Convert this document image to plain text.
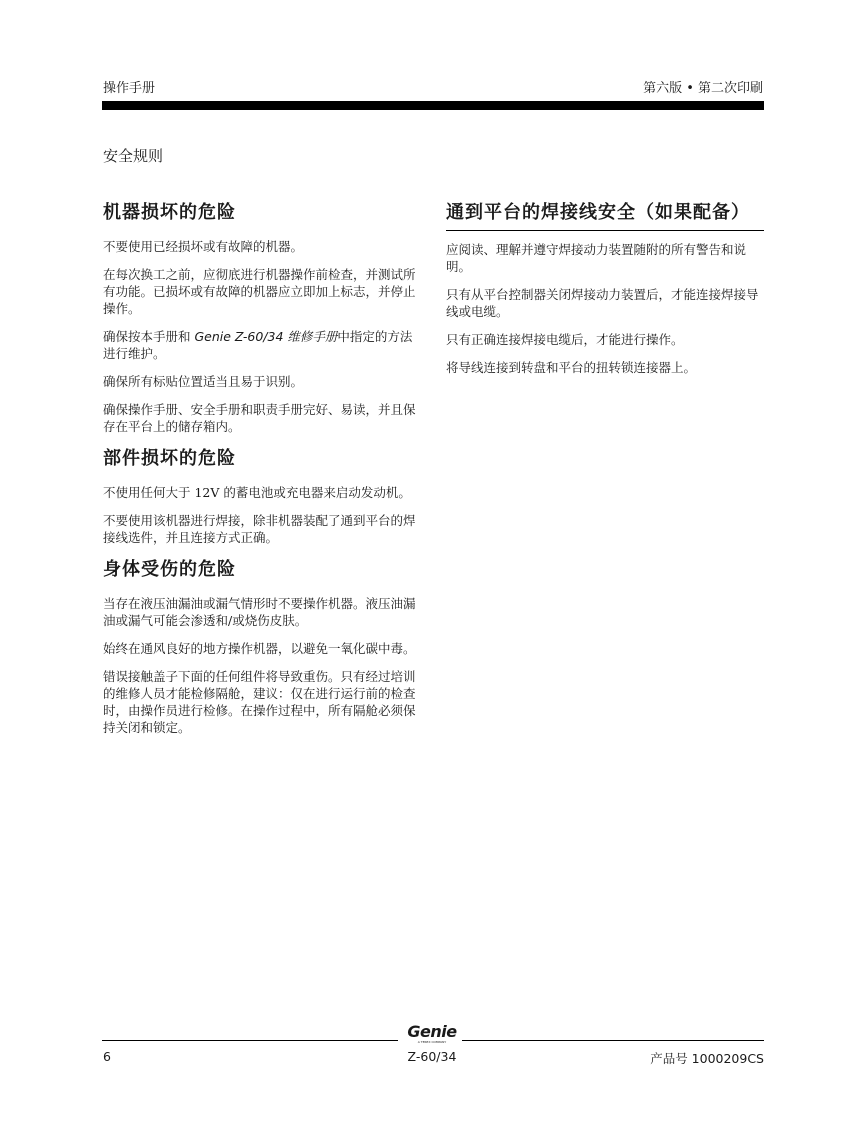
操作手册	第六版 • 第二次印刷
安全规则
机器损坏的危险

不要使用已经损坏或有故障的机器。

在每次换工之前，应彻底进行机器操作前检查，并测试所有功能。已损坏或有故障的机器应立即加上标志，并停止操作。

确保按本手册和 Genie Z-60/34 维修手册中指定的方法进行维护。

确保所有标贴位置适当且易于识别。

确保操作手册、安全手册和职责手册完好、易读，并且保存在平台上的储存箱内。

部件损坏的危险

不使用任何大于 12V 的蓄电池或充电器来启动发动机。

不要使用该机器进行焊接，除非机器装配了通到平台的焊接线选件，并且连接方式正确。

身体受伤的危险

当存在液压油漏油或漏气情形时不要操作机器。液压油漏油或漏气可能会渗透和/或烧伤皮肤。

始终在通风良好的地方操作机器，以避免一氧化碳中毒。

错误接触盖子下面的任何组件将导致重伤。只有经过培训的维修人员才能检修隔舱，建议：仅在进行运行前的检查时，由操作员进行检修。在操作过程中，所有隔舱必须保持关闭和锁定。

通到平台的焊接线安全（如果配备）

应阅读、理解并遵守焊接动力装置随附的所有警告和说明。

只有从平台控制器关闭焊接动力装置后，才能连接焊接导线或电缆。

只有正确连接焊接电缆后，才能进行操作。

将导线连接到转盘和平台的扭转锁连接器上。

Genie
A TEREX COMPANY
6	Z-60/34	产品号 1000209CS
